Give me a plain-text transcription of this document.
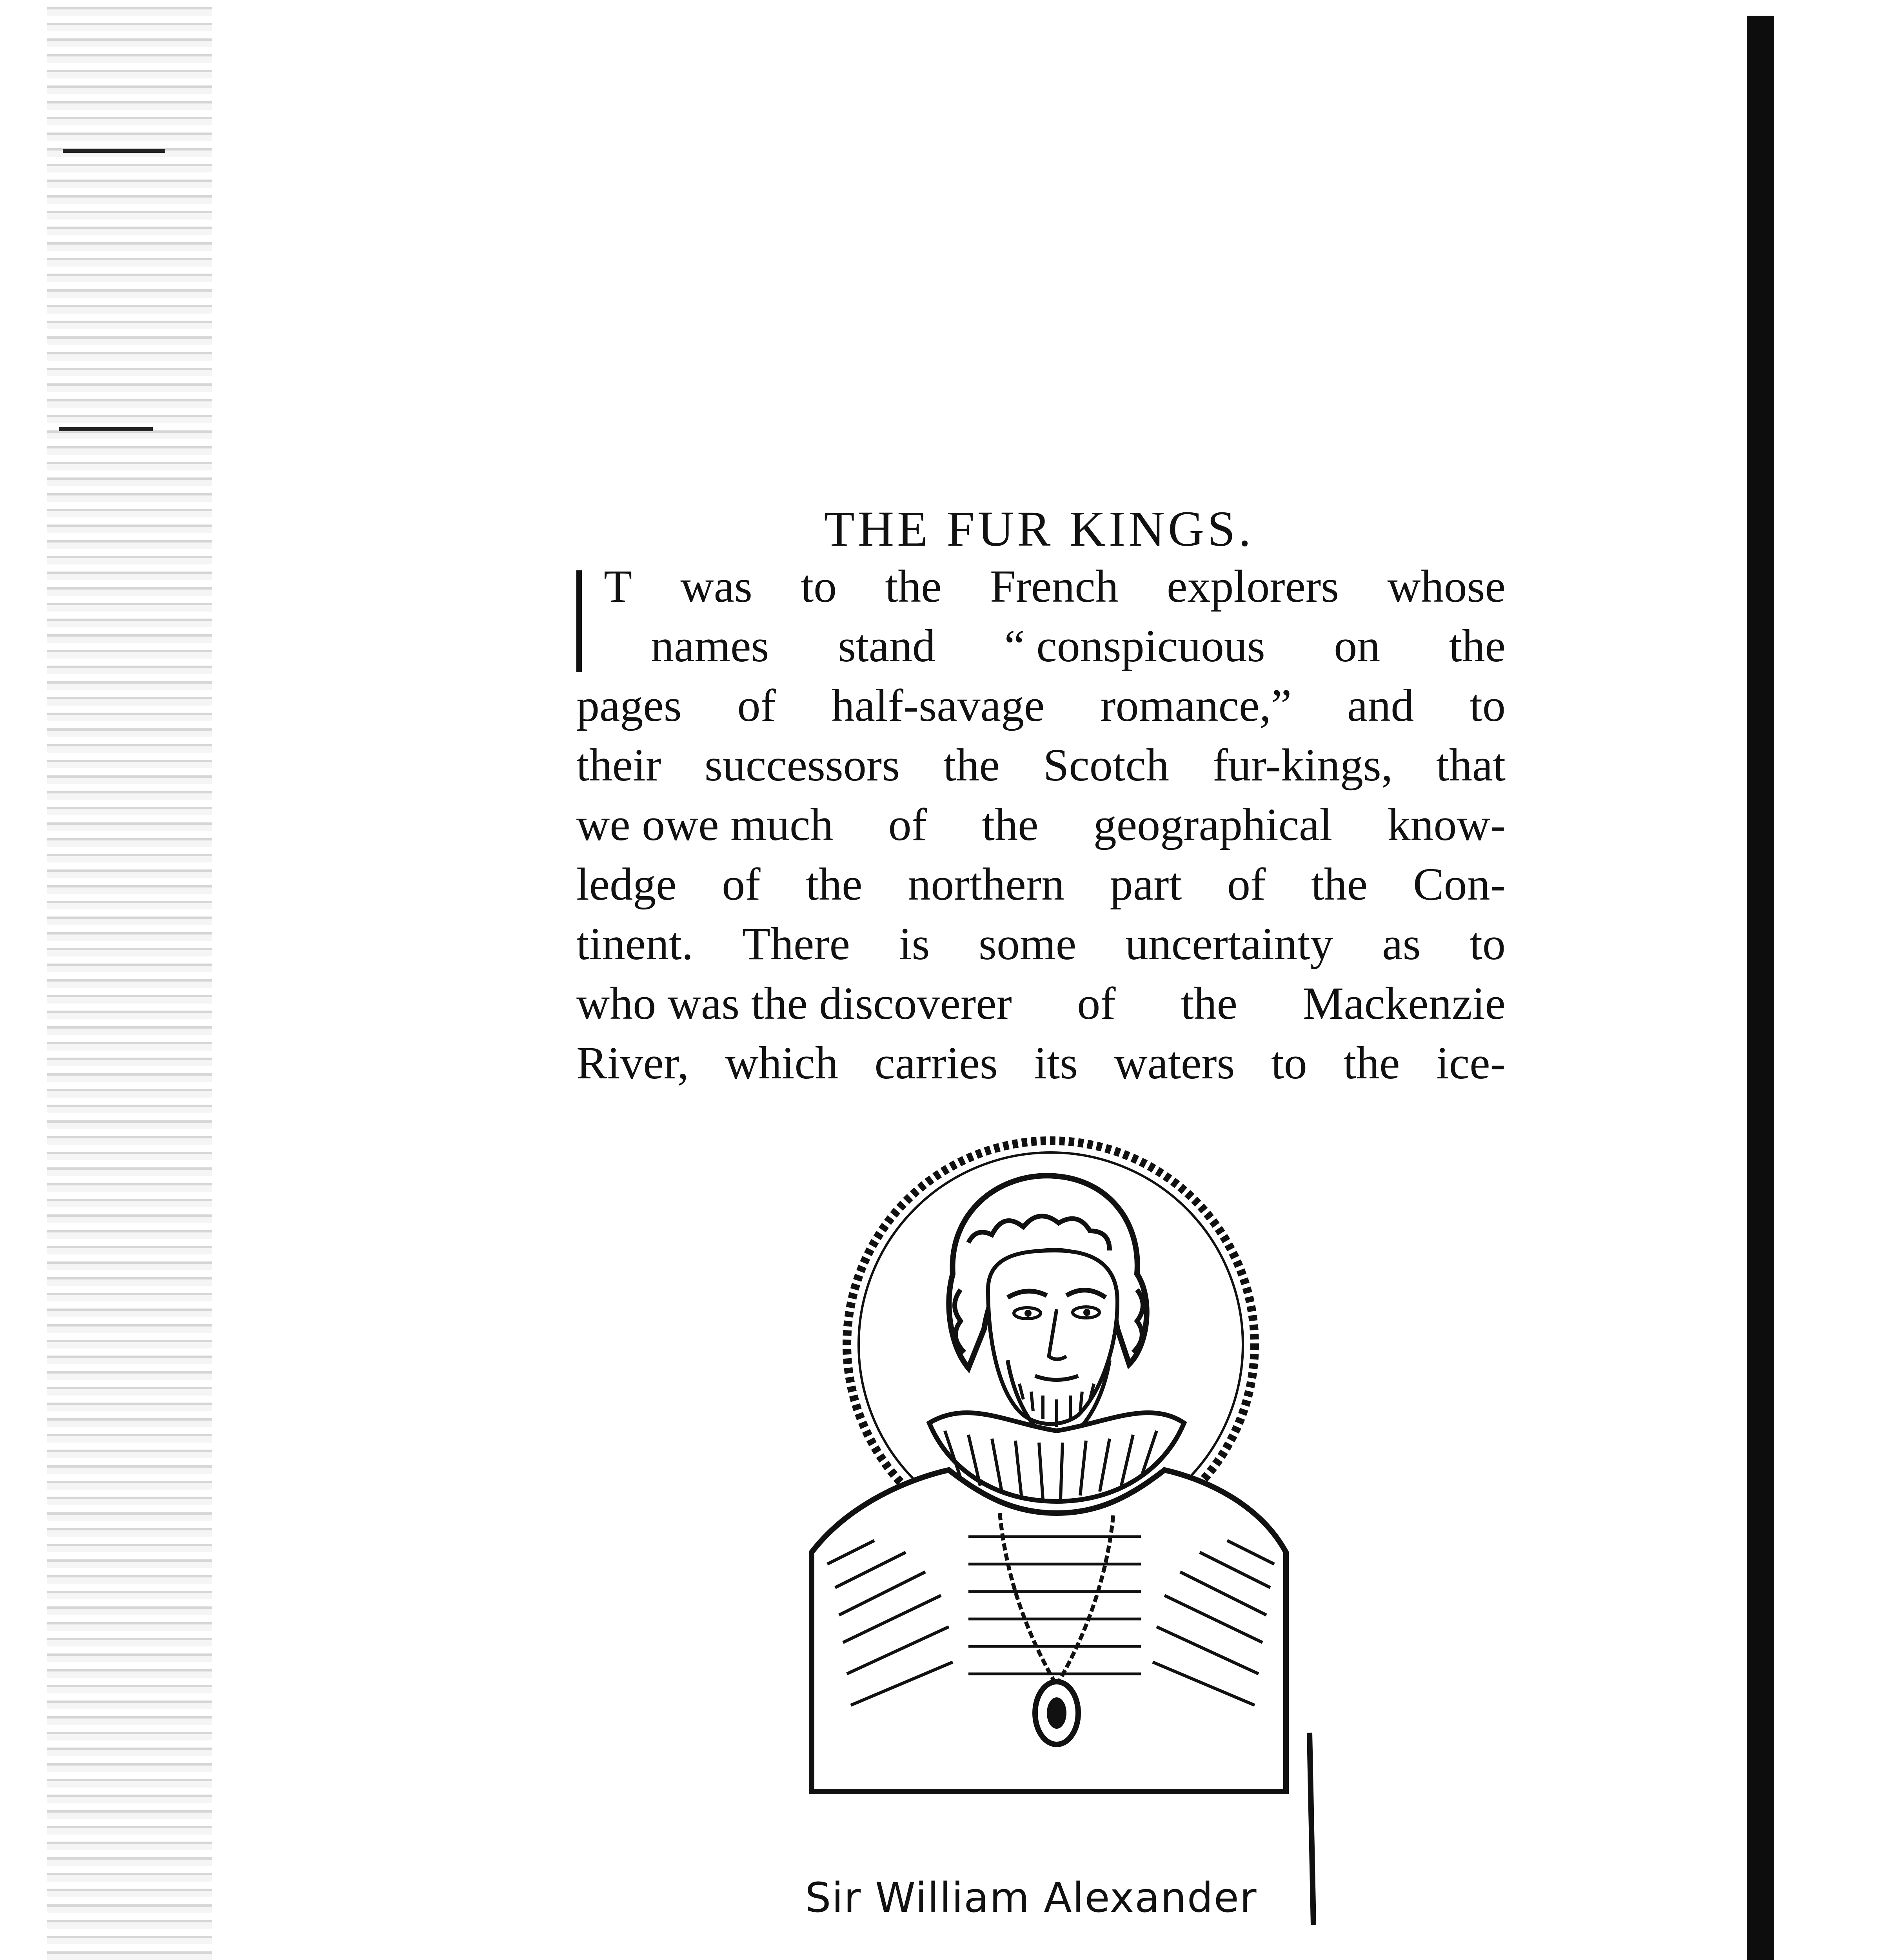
THE FUR KINGS.
T was to the French explorers whose
names stand “ conspicuous on the
pages of half-savage romance,” and to
their successors the Scotch fur-kings, that
we owe much of the geographical know-
ledge of the northern part of the Con-
tinent. There is some uncertainty as to
who was the discoverer of the Mackenzie
River, which carries its waters to the ice-
Sir William Alexander
